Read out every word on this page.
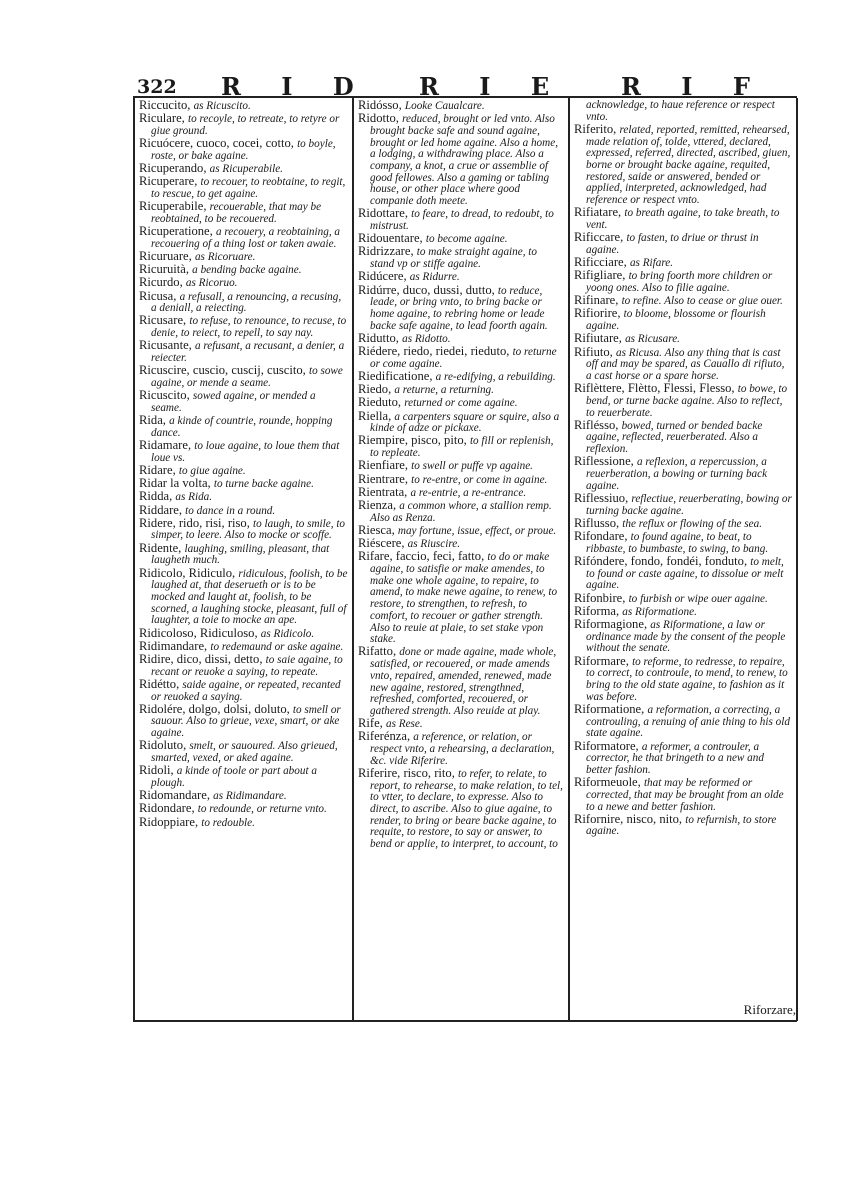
322 R I D R I E R I F

Riccucito, as Ricuscito.

Riculare, to recoyle, to retreate, to retyre or giue ground.

Ricuócere, cuoco, cocei, cotto, to boyle, roste, or bake againe.

Ricuperando, as Ricuperabile.

Ricuperare, to recouer, to reobtaine, to regit, to rescue, to get againe.

Ricuperabile, recouerable, that may be reobtained, to be recouered.

Ricuperatione, a recouery, a reobtaining, a recouering of a thing lost or taken awaie.

Ricuruare, as Ricoruare.

Ricuruità, a bending backe againe.

Ricurdo, as Ricoruo.

Ricusa, a refusall, a renouncing, a recusing, a deniall, a reiecting.

Ricusare, to refuse, to renounce, to recuse, to denie, to reiect, to repell, to say nay.

Ricusante, a refusant, a recusant, a denier, a reiecter.

Ricuscire, cuscio, cuscij, cuscito, to sowe againe, or mende a seame.

Ricuscito, sowed againe, or mended a seame.

Rida, a kinde of countrie, rounde, hopping dance.

Ridamare, to loue againe, to loue them that loue vs.

Ridare, to giue againe.

Ridar la volta, to turne backe againe.

Ridda, as Rida.

Riddare, to dance in a round.

Ridere, rido, risi, riso, to laugh, to smile, to simper, to leere. Also to mocke or scoffe.

Ridente, laughing, smiling, pleasant, that laugheth much.

Ridicolo, Ridiculo, ridiculous, foolish, to be laughed at, that deserueth or is to be mocked and laught at, foolish, to be scorned, a laughing stocke, pleasant, full of laughter, a toie to mocke an ape.

Ridicoloso, Ridiculoso, as Ridicolo.

Ridimandare, to redemaund or aske againe.

Ridire, dico, dissi, detto, to saie againe, to recant or reuoke a saying, to repeate.

Ridétto, saide againe, or repeated, recanted or reuoked a saying.

Ridolére, dolgo, dolsi, doluto, to smell or sauour. Also to grieue, vexe, smart, or ake againe.

Ridoluto, smelt, or sauoured. Also grieued, smarted, vexed, or aked againe.

Ridoli, a kinde of toole or part about a plough.

Ridomandare, as Ridimandare.

Ridondare, to redounde, or returne vnto.

Ridoppiare, to redouble.

Ridósso, Looke Caualcare.

Ridotto, reduced, brought or led vnto. Also brought backe safe and sound againe, brought or led home againe. Also a home, a lodging, a withdrawing place. Also a company, a knot, a crue or assemblie of good fellowes. Also a gaming or tabling house, or other place where good companie doth meete.

Ridottare, to feare, to dread, to redoubt, to mistrust.

Ridouentare, to become againe.

Ridrizzare, to make straight againe, to stand vp or stiffe againe.

Ridúcere, as Ridurre.

Ridúrre, duco, dussi, dutto, to reduce, leade, or bring vnto, to bring backe or home againe, to rebring home or leade backe safe againe, to lead foorth again.

Ridutto, as Ridotto.

Riédere, riedo, riedei, rieduto, to returne or come againe.

Riedificatione, a re-edifying, a rebuilding.

Riedo, a returne, a returning.

Rieduto, returned or come againe.

Riella, a carpenters square or squire, also a kinde of adze or pickaxe.

Riempire, pisco, pito, to fill or replenish, to repleate.

Rienfiare, to swell or puffe vp againe.

Rientrare, to re-entre, or come in againe.

Rientrata, a re-entrie, a re-entrance.

Rienza, a common whore, a stallion remp. Also as Renza.

Riesca, may fortune, issue, effect, or proue.

Riéscere, as Riuscire.

Rifare, faccio, feci, fatto, to do or make againe, to satisfie or make amendes, to make one whole againe, to repaire, to amend, to make newe againe, to renew, to restore, to strengthen, to refresh, to comfort, to recouer or gather strength. Also to reuie at plaie, to set stake vpon stake.

Rifatto, done or made againe, made whole, satisfied, or recouered, or made amends vnto, repaired, amended, renewed, made new againe, restored, strengthned, refreshed, comforted, recouered, or gathered strength. Also reuide at play.

Rife, as Rese.

Riferénza, a reference, or relation, or respect vnto, a rehearsing, a declaration, &c. vide Riferire.

Riferire, risco, rito, to refer, to relate, to report, to rehearse, to make relation, to tel, to vtter, to declare, to expresse. Also to direct, to ascribe. Also to giue againe, to render, to bring or beare backe againe, to requite, to restore, to say or answer, to bend or applie, to interpret, to account, to

acknowledge, to haue reference or respect vnto.

Riferito, related, reported, remitted, rehearsed, made relation of, tolde, vttered, declared, expressed, referred, directed, ascribed, giuen, borne or brought backe againe, requited, restored, saide or answered, bended or applied, interpreted, acknowledged, had reference or respect vnto.

Rifiatare, to breath againe, to take breath, to vent.

Rificcare, to fasten, to driue or thrust in againe.

Rificciare, as Rifare.

Rifigliare, to bring foorth more children or yoong ones. Also to filie againe.

Rifinare, to refine. Also to cease or giue ouer.

Rifiorire, to bloome, blossome or flourish againe.

Rifiutare, as Ricusare.

Rifiuto, as Ricusa. Also any thing that is cast off and may be spared, as Cauallo di rifiuto, a cast horse or a spare horse.

Riflèttere, Flètto, Flessi, Flesso, to bowe, to bend, or turne backe againe. Also to reflect, to reuerberate.

Riflésso, bowed, turned or bended backe againe, reflected, reuerberated. Also a reflexion.

Riflessione, a reflexion, a repercussion, a reuerberation, a bowing or turning back againe.

Riflessiuo, reflectiue, reuerberating, bowing or turning backe againe.

Riflusso, the reflux or flowing of the sea.

Rifondare, to found againe, to beat, to ribbaste, to bumbaste, to swing, to bang.

Rifóndere, fondo, fondéi, fonduto, to melt, to found or caste againe, to dissolue or melt againe.

Rifonbire, to furbish or wipe ouer againe.

Riforma, as Riformatione.

Riformagione, as Riformatione, a law or ordinance made by the consent of the people without the senate.

Riformare, to reforme, to redresse, to repaire, to correct, to controule, to mend, to renew, to bring to the old state againe, to fashion as it was before.

Riformatione, a reformation, a correcting, a controuling, a renuing of anie thing to his old state againe.

Riformatore, a reformer, a controuler, a corrector, he that bringeth to a new and better fashion.

Riformeuole, that may be reformed or corrected, that may be brought from an olde to a newe and better fashion.

Rifornire, nisco, nito, to refurnish, to store againe.

Riforzare,
